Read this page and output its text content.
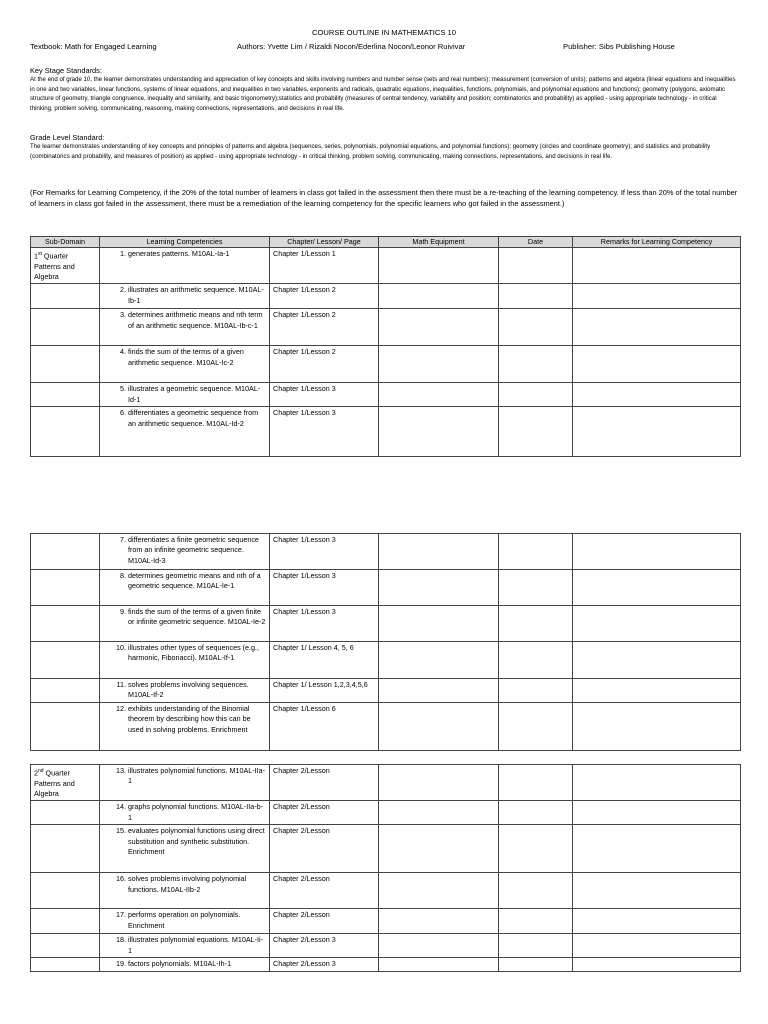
COURSE OUTLINE IN MATHEMATICS 10
Textbook: Math for Engaged Learning	Authors: Yvette Lim / Rizaldi Nocon/Ederlina Nocon/Leonor Ruivivar	Publisher: Sibs Publishing House
Key Stage Standards:
At the end of grade 10, the learner demonstrates understanding and appreciation of key concepts and skills involving numbers and number sense (sets and real numbers); measurement (conversion of units); patterns and algebra (linear equations and inequalities in one and two variables, linear functions, systems of linear equations, and inequalities in two variables, exponents and radicals, quadratic equations, inequalities, functions, polynomials, and polynomial equations and functions); geometry (polygons, axiomatic structure of geometry, triangle congruence, inequality and similarity, and basic trigonometry);statistics and probability (measures of central tendency, variability and position; combinatorics and probability) as applied - using appropriate technology - in critical thinking, problem solving, communicating, reasoning, making connections, representations, and decisions in real life.
Grade Level Standard:
The learner demonstrates understanding of key concepts and principles of patterns and algebra (sequences, series, polynomials, polynomial equations, and polynomial functions); geometry (circles and coordinate geometry); and statistics and probability (combinatorics and probability, and measures of position) as applied - using appropriate technology - in critical thinking, problem solving, communicating, making connections, representations, and decisions in real life.
(For Remarks for Learning Competency, if the 20% of the total number of learners in class got failed in the assessment then there must be a re-teaching of the learning competency. If less than 20% of the total number of learners in class got failed in the assessment, there must be a remediation of the learning competency for the specific learners who got failed in the assessment.)
Sub-Domain	Learning Competencies	Chapter/ Lesson/ Page	Math Equipment	Date	Remarks for Learning Competency
1st Quarter Patterns and Algebra	1. generates patterns. M10AL-Ia-1	Chapter 1/Lesson 1			

	2. illustrates an arithmetic sequence. M10AL-Ib-1	Chapter 1/Lesson 2			

	3. determines arithmetic means and nth term of an arithmetic sequence. M10AL-Ib-c-1	Chapter 1/Lesson 2			

	4. finds the sum of the terms of a given arithmetic sequence. M10AL-Ic-2	Chapter 1/Lesson 2			

	5. illustrates a geometric sequence. M10AL-Id-1	Chapter 1/Lesson 3			

	6. differentiates a geometric sequence from an arithmetic sequence. M10AL-Id-2	Chapter 1/Lesson 3			

	7. differentiates a finite geometric sequence from an infinite geometric sequence. M10AL-Id-3	Chapter 1/Lesson 3			

	8. determines geometric means and nth of a geometric sequence. M10AL-Ie-1	Chapter 1/Lesson 3			

	9. finds the sum of the terms of a given finite or infinite geometric sequence. M10AL-Ie-2	Chapter 1/Lesson 3			

	10. illustrates other types of sequences (e.g., harmonic, Fibonacci). M10AL-If-1	Chapter 1/ Lesson 4, 5, 6			

	11. solves problems involving sequences. M10AL-If-2	Chapter 1/ Lesson 1,2,3,4,5,6			

	12. exhibits understanding of the Binomial theorem by describing how this can be used in solving problems. Enrichment	Chapter 1/Lesson 6			
2nd Quarter Patterns and Algebra	13. illustrates polynomial functions. M10AL-IIa-1	Chapter 2/Lesson			

	14. graphs polynomial functions. M10AL-IIa-b-1	Chapter 2/Lesson			

	15. evaluates polynomial functions using direct substitution and synthetic substitution. Enrichment	Chapter 2/Lesson			

	16. solves problems involving polynomial functions. M10AL-IIb-2	Chapter 2/Lesson			

	17. performs operation on polynomials. Enrichment	Chapter 2/Lesson			

	18. illustrates polynomial equations. M10AL-Ii-1	Chapter 2/Lesson 3			

	19. factors polynomials. M10AL-Ih-1	Chapter 2/Lesson 3			
